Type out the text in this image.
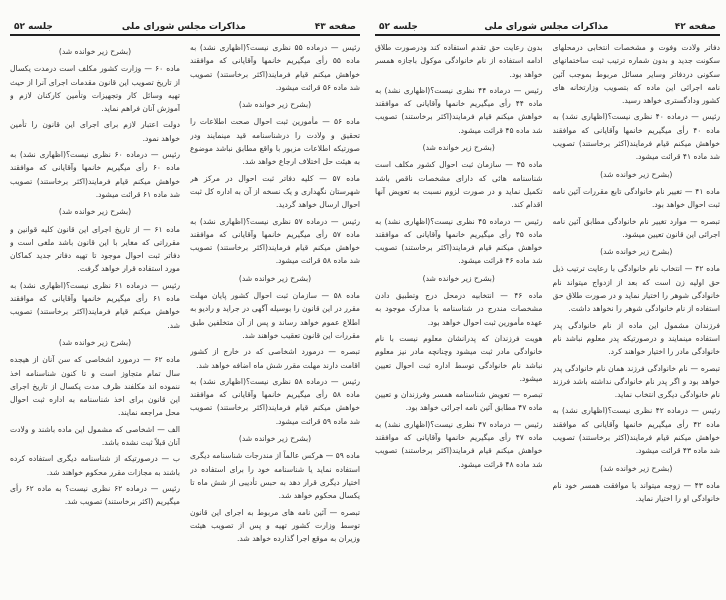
صفحه ۴۳
مذاکرات مجلس شورای ملی
جلسه ۵۲

رئیس — درماده ۵۵ نظری نیست؟(اظهاری نشد) به ماده ۵۵ رأی میگیریم خانمها وآقایانی که موافقند خواهش میکنم قیام فرمایند(اکثر برخاستند) تصویب شد ماده ۵۶ قرائت میشود.

(بشرح زیر خوانده شد)

ماده ۵۶ — مأمورین ثبت احوال صحت اطلاعات را تحقیق و ولادت را درشناسنامه قید مینمایند ودر صورتیکه اطلاعات مزبور با واقع مطابق نباشد موضوع به هیئت حل اختلاف ارجاع خواهد شد.

ماده ۵۷ — کلیه دفاتر ثبت احوال در مرکز هر شهرستان نگهداری و یک نسخه از آن به اداره کل ثبت احوال ارسال خواهد گردید.

رئیس — درماده ۵۷ نظری نیست؟(اظهاری نشد) به ماده ۵۷ رأی میگیریم خانمها وآقایانی که موافقند خواهش میکنم قیام فرمایند(اکثر برخاستند) تصویب شد ماده ۵۸ قرائت میشود.

(بشرح زیر خوانده شد)

ماده ۵۸ — سازمان ثبت احوال کشور پایان مهلت مقرر در این قانون را بوسیله آگهی در جراید و رادیو به اطلاع عموم خواهد رساند و پس از آن متخلفین طبق مقررات این قانون تعقیب خواهند شد.

تبصره — درمورد اشخاصی که در خارج از کشور اقامت دارند مهلت مقرر شش ماه اضافه خواهد شد.

رئیس — درماده ۵۸ نظری نیست؟(اظهاری نشد) به ماده ۵۸ رأی میگیریم خانمها وآقایانی که موافقند خواهش میکنم قیام فرمایند(اکثر برخاستند) تصویب شد ماده ۵۹ قرائت میشود.

(بشرح زیر خوانده شد)

ماده ۵۹ — هرکس عالماً از مندرجات شناسنامه دیگری استفاده نماید یا شناسنامه خود را برای استفاده در اختیار دیگری قرار دهد به حبس تأدیبی از شش ماه تا یکسال محکوم خواهد شد.

تبصره — آئین نامه های مربوط به اجرای این قانون توسط وزارت کشور تهیه و پس از تصویب هیئت وزیران به موقع اجرا گذارده خواهد شد.

(بشرح زیر خوانده شد)

ماده ۶۰ — وزارت کشور مکلف است درمدت یکسال از تاریخ تصویب این قانون مقدمات اجرای آنرا از حیث تهیه وسائل کار وتجهیزات وتأمین کارکنان لازم و آموزش آنان فراهم نماید.

دولت اعتبار لازم برای اجرای این قانون را تأمین خواهد نمود.

رئیس — درماده ۶۰ نظری نیست؟(اظهاری نشد) به ماده ۶۰ رأی میگیریم خانمها وآقایانی که موافقند خواهش میکنم قیام فرمایند(اکثر برخاستند) تصویب شد ماده ۶۱ قرائت میشود.

(بشرح زیر خوانده شد)

ماده ۶۱ — از تاریخ اجرای این قانون کلیه قوانین و مقرراتی که مغایر با این قانون باشد ملغی است و دفاتر ثبت احوال موجود تا تهیه دفاتر جدید کماکان مورد استفاده قرار خواهد گرفت.

رئیس — درماده ۶۱ نظری نیست؟(اظهاری نشد) به ماده ۶۱ رأی میگیریم خانمها وآقایانی که موافقند خواهش میکنم قیام فرمایند(اکثر برخاستند) تصویب شد.

(بشرح زیر خوانده شد)

ماده ۶۲ — درمورد اشخاصی که سن آنان از هیجده سال تمام متجاوز است و تا کنون شناسنامه اخذ ننموده اند مکلفند ظرف مدت یکسال از تاریخ اجرای این قانون برای اخذ شناسنامه به اداره ثبت احوال محل مراجعه نمایند.

الف — اشخاصی که مشمول این ماده باشند و ولادت آنان قبلاً ثبت نشده باشد.

ب — درصورتیکه از شناسنامه دیگری استفاده کرده باشند به مجازات مقرر محکوم خواهند شد.

رئیس — درماده ۶۲ نظری نیست؟ به ماده ۶۲ رأی میگیریم (اکثر برخاستند) تصویب شد.

صفحه ۴۲
مذاکرات مجلس شورای ملی
جلسه ۵۲

دفاتر ولادت وفوت و مشخصات انتخابی درمحلهای سکونت جدید و بدون شماره ترتیب ثبت ساختمانهای سکونی دردفاتر وسایر مسائل مربوط بموجب آئین نامه اجرائی این ماده که بتصویب وزارتخانه های کشور ودادگستری خواهد رسید.

رئیس — درماده ۴۰ نظری نیست؟(اظهاری نشد) به ماده ۴۰ رأی میگیریم خانمها وآقایانی که موافقند خواهش میکنم قیام فرمایند(اکثر برخاستند) تصویب شد ماده ۴۱ قرائت میشود.

(بشرح زیر خوانده شد)

ماده ۴۱ — تغییر نام خانوادگی تابع مقررات آئین نامه ثبت احوال خواهد بود.

تبصره — موارد تغییر نام خانوادگی مطابق آئین نامه اجرائی این قانون تعیین میشود.

(بشرح زیر خوانده شد)

ماده ۴۲ — انتخاب نام خانوادگی با رعایت ترتیب ذیل حق اولیه زن است که بعد از ازدواج میتواند نام خانوادگی شوهر را اختیار نماید و در صورت طلاق حق استفاده از نام خانوادگی شوهر را نخواهد داشت.

فرزندان مشمول این ماده از نام خانوادگی پدر استفاده مینمایند و درصورتیکه پدر معلوم نباشد نام خانوادگی مادر را اختیار خواهند کرد.

تبصره — نام خانوادگی فرزند همان نام خانوادگی پدر خواهد بود و اگر پدر نام خانوادگی نداشته باشد فرزند نام خانوادگی دیگری انتخاب نماید.

رئیس — درماده ۴۲ نظری نیست؟(اظهاری نشد) به ماده ۴۲ رأی میگیریم خانمها وآقایانی که موافقند خواهش میکنم قیام فرمایند(اکثر برخاستند) تصویب شد ماده ۴۳ قرائت میشود.

(بشرح زیر خوانده شد)

ماده ۴۳ — زوجه میتواند با موافقت همسر خود نام خانوادگی او را اختیار نماید.

بدون رعایت حق تقدم استفاده کند ودرصورت طلاق ادامه استفاده از نام خانوادگی موکول باجازه همسر خواهد بود.

رئیس — درماده ۴۴ نظری نیست؟(اظهاری نشد) به ماده ۴۴ رأی میگیریم خانمها وآقایانی که موافقند خواهش میکنم قیام فرمایند(اکثر برخاستند) تصویب شد ماده ۴۵ قرائت میشود.

(بشرح زیر خوانده شد)

ماده ۴۵ — سازمان ثبت احوال کشور مکلف است شناسنامه هائی که دارای مشخصات ناقص باشد تکمیل نماید و در صورت لزوم نسبت به تعویض آنها اقدام کند.

رئیس — درماده ۴۵ نظری نیست؟(اظهاری نشد) به ماده ۴۵ رأی میگیریم خانمها وآقایانی که موافقند خواهش میکنم قیام فرمایند(اکثر برخاستند) تصویب شد ماده ۴۶ قرائت میشود.

(بشرح زیر خوانده شد)

ماده ۴۶ — انتخابیه درمحل درج وتطبیق دادن مشخصات مندرج در شناسنامه با مدارک موجود به عهده مأمورین ثبت احوال خواهد بود.

هویت فرزندان که پدرانشان معلوم نیست با نام خانوادگی مادر ثبت میشود وچنانچه مادر نیز معلوم نباشد نام خانوادگی توسط اداره ثبت احوال تعیین میشود.

تبصره — تعویض شناسنامه همسر وفرزندان و تعیین ماده ۴۷ مطابق آئین نامه اجرائی خواهد بود.

رئیس — درماده ۴۷ نظری نیست؟(اظهاری نشد) به ماده ۴۷ رأی میگیریم خانمها وآقایانی که موافقند خواهش میکنم قیام فرمایند(اکثر برخاستند) تصویب شد ماده ۴۸ قرائت میشود.
